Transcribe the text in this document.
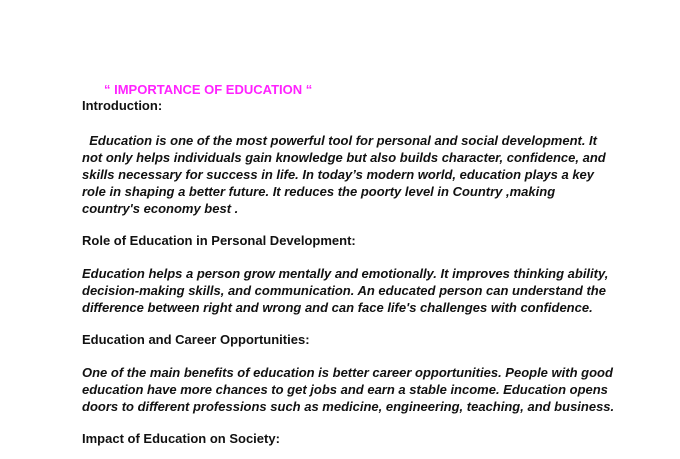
“ IMPORTANCE OF EDUCATION “
Introduction:
Education is one of the most powerful tool for personal and social development. It
not only helps individuals gain knowledge but also builds character, confidence, and
skills necessary for success in life. In today’s modern world, education plays a key
role in shaping a better future. It reduces the poorty level in Country ,making
country's economy best .
Role of Education in Personal Development:
Education helps a person grow mentally and emotionally. It improves thinking ability,
decision-making skills, and communication. An educated person can understand the
difference between right and wrong and can face life's challenges with confidence.
Education and Career Opportunities:
One of the main benefits of education is better career opportunities. People with good
education have more chances to get jobs and earn a stable income. Education opens
doors to different professions such as medicine, engineering, teaching, and business.
Impact of Education on Society:
